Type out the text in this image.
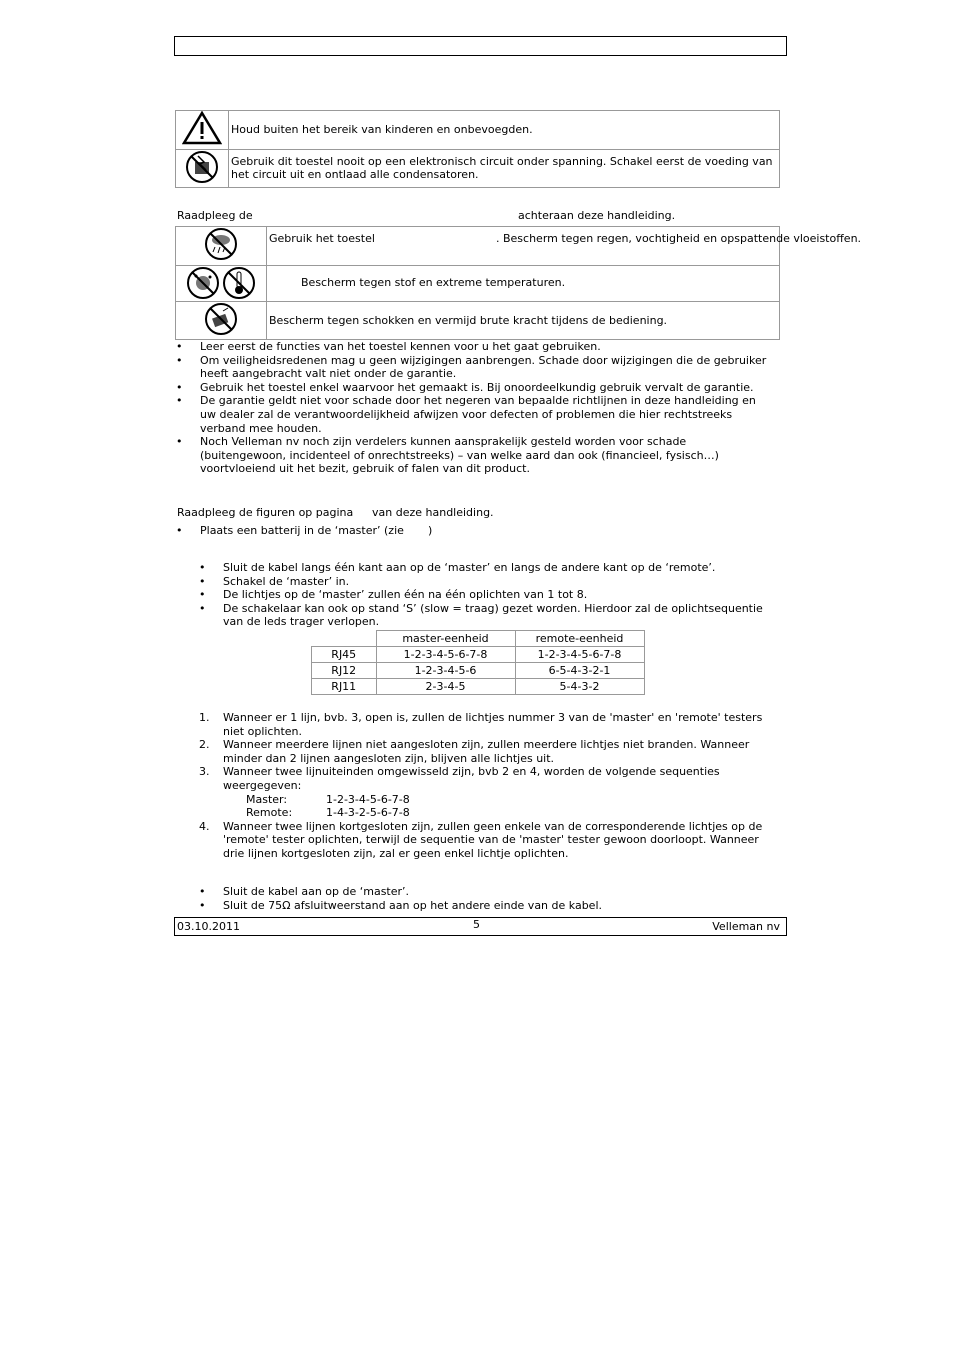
	Houd buiten het bereik van kinderen en onbevoegden.
	Gebruik dit toestel nooit op een elektronisch circuit onder spanning. Schakel eerst de voeding van het circuit uit en ontlaad alle condensatoren.
Raadpleeg de	achteraan deze handleiding.

Gebruik het toestel . Bescherm tegen regen, vochtigheid en opspattende vloeistoffen.

	Bescherm tegen stof en extreme temperaturen.
	Bescherm tegen schokken en vermijd brute kracht tijdens de bediening.
• Leer eerst de functies van het toestel kennen voor u het gaat gebruiken.
• Om veiligheidsredenen mag u geen wijzigingen aanbrengen. Schade door wijzigingen die de gebruiker heeft aangebracht valt niet onder de garantie.
• Gebruik het toestel enkel waarvoor het gemaakt is. Bij onoordeelkundig gebruik vervalt de garantie.
• De garantie geldt niet voor schade door het negeren van bepaalde richtlijnen in deze handleiding en uw dealer zal de verantwoordelijkheid afwijzen voor defecten of problemen die hier rechtstreeks verband mee houden.
• Noch Velleman nv noch zijn verdelers kunnen aansprakelijk gesteld worden voor schade (buitengewoon, incidenteel of onrechtstreeks) – van welke aard dan ook (financieel, fysisch…) voortvloeiend uit het bezit, gebruik of falen van dit product.
Raadpleeg de figuren op pagina van deze handleiding.
• Plaats een batterij in de ‘master’ (zie )
• Sluit de kabel langs één kant aan op de ‘master’ en langs de andere kant op de ‘remote’.
• Schakel de ‘master’ in.
• De lichtjes op de ‘master’ zullen één na één oplichten van 1 tot 8.
• De schakelaar kan ook op stand ‘S’ (slow = traag) gezet worden. Hierdoor zal de oplichtsequentie van de leds trager verlopen.
	master-eenheid	remote-eenheid
RJ45	1-2-3-4-5-6-7-8	1-2-3-4-5-6-7-8
RJ12	1-2-3-4-5-6	6-5-4-3-2-1
RJ11	2-3-4-5	5-4-3-2
1. Wanneer er 1 lijn, bvb. 3, open is, zullen de lichtjes nummer 3 van de 'master' en 'remote' testers niet oplichten.
2. Wanneer meerdere lijnen niet aangesloten zijn, zullen meerdere lichtjes niet branden. Wanneer minder dan 2 lijnen aangesloten zijn, blijven alle lichtjes uit.
3. Wanneer twee lijnuiteinden omgewisseld zijn, bvb 2 en 4, worden de volgende sequenties weergegeven:
Master:	1-2-3-4-5-6-7-8
Remote:	1-4-3-2-5-6-7-8
4. Wanneer twee lijnen kortgesloten zijn, zullen geen enkele van de corresponderende lichtjes op de 'remote' tester oplichten, terwijl de sequentie van de 'master' tester gewoon doorloopt. Wanneer drie lijnen kortgesloten zijn, zal er geen enkel lichtje oplichten.
• Sluit de kabel aan op de ‘master’.
• Sluit de 75Ω afsluitweerstand aan op het andere einde van de kabel.
03.10.2011	5	Velleman nv
